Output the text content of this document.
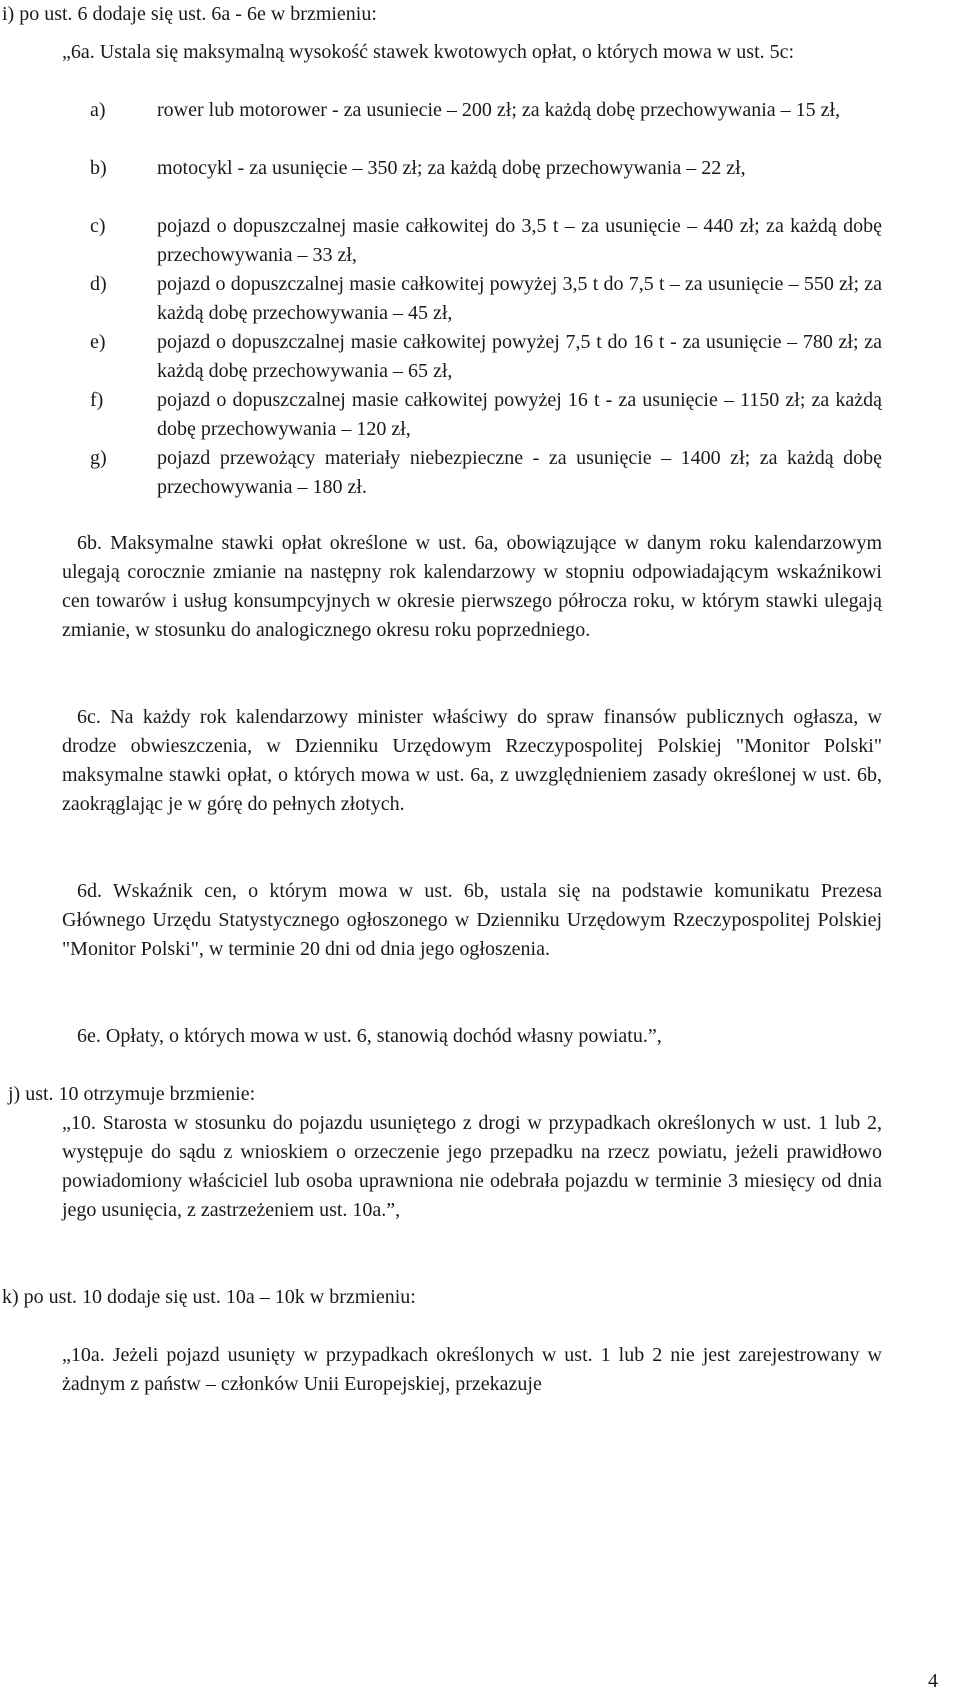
i) po ust. 6 dodaje się ust. 6a - 6e w brzmieniu:

„6a. Ustala się maksymalną wysokość stawek kwotowych opłat, o których mowa w ust. 5c:

a)	rower lub motorower - za usuniecie – 200 zł; za każdą dobę przechowywania – 15 zł,
b)	motocykl - za usunięcie – 350 zł; za każdą dobę przechowywania – 22 zł,
c)	pojazd o dopuszczalnej masie całkowitej do 3,5 t – za usunięcie – 440 zł; za każdą dobę przechowywania – 33 zł,
d)	pojazd o dopuszczalnej masie całkowitej powyżej 3,5 t do 7,5 t – za usunięcie – 550 zł; za każdą dobę przechowywania – 45 zł,
e)	pojazd o dopuszczalnej masie całkowitej powyżej 7,5 t do 16 t - za usunięcie – 780 zł; za każdą dobę przechowywania – 65 zł,
f)	pojazd o dopuszczalnej masie całkowitej powyżej 16 t - za usunięcie – 1150 zł; za każdą dobę przechowywania – 120 zł,
g)	pojazd przewożący materiały niebezpieczne - za usunięcie – 1400 zł; za każdą dobę przechowywania – 180 zł.

6b. Maksymalne stawki opłat określone w ust. 6a, obowiązujące w danym roku kalendarzowym ulegają corocznie zmianie na następny rok kalendarzowy w stopniu odpowiadającym wskaźnikowi cen towarów i usług konsumpcyjnych w okresie pierwszego półrocza roku, w którym stawki ulegają zmianie, w stosunku do analogicznego okresu roku poprzedniego.

6c. Na każdy rok kalendarzowy minister właściwy do spraw finansów publicznych ogłasza, w drodze obwieszczenia, w Dzienniku Urzędowym Rzeczypospolitej Polskiej "Monitor Polski" maksymalne stawki opłat, o których mowa w ust. 6a, z uwzględnieniem zasady określonej w ust. 6b, zaokrąglając je w górę do pełnych złotych.

6d. Wskaźnik cen, o którym mowa w ust. 6b, ustala się na podstawie komunikatu Prezesa Głównego Urzędu Statystycznego ogłoszonego w Dzienniku Urzędowym Rzeczypospolitej Polskiej "Monitor Polski", w terminie 20 dni od dnia jego ogłoszenia.

6e. Opłaty, o których mowa w ust. 6, stanowią dochód własny powiatu.”,

j) ust. 10 otrzymuje brzmienie:

„10. Starosta w stosunku do pojazdu usuniętego z drogi w przypadkach określonych w ust. 1 lub 2, występuje do sądu z wnioskiem o orzeczenie jego przepadku na rzecz powiatu, jeżeli prawidłowo powiadomiony właściciel lub osoba uprawniona nie odebrała pojazdu w terminie 3 miesięcy od dnia jego usunięcia, z zastrzeżeniem ust. 10a.”,

k) po ust. 10 dodaje się ust. 10a – 10k w brzmieniu:

„10a. Jeżeli pojazd usunięty w przypadkach określonych w ust. 1 lub 2 nie jest zarejestrowany w żadnym z państw – członków Unii Europejskiej, przekazuje

4
